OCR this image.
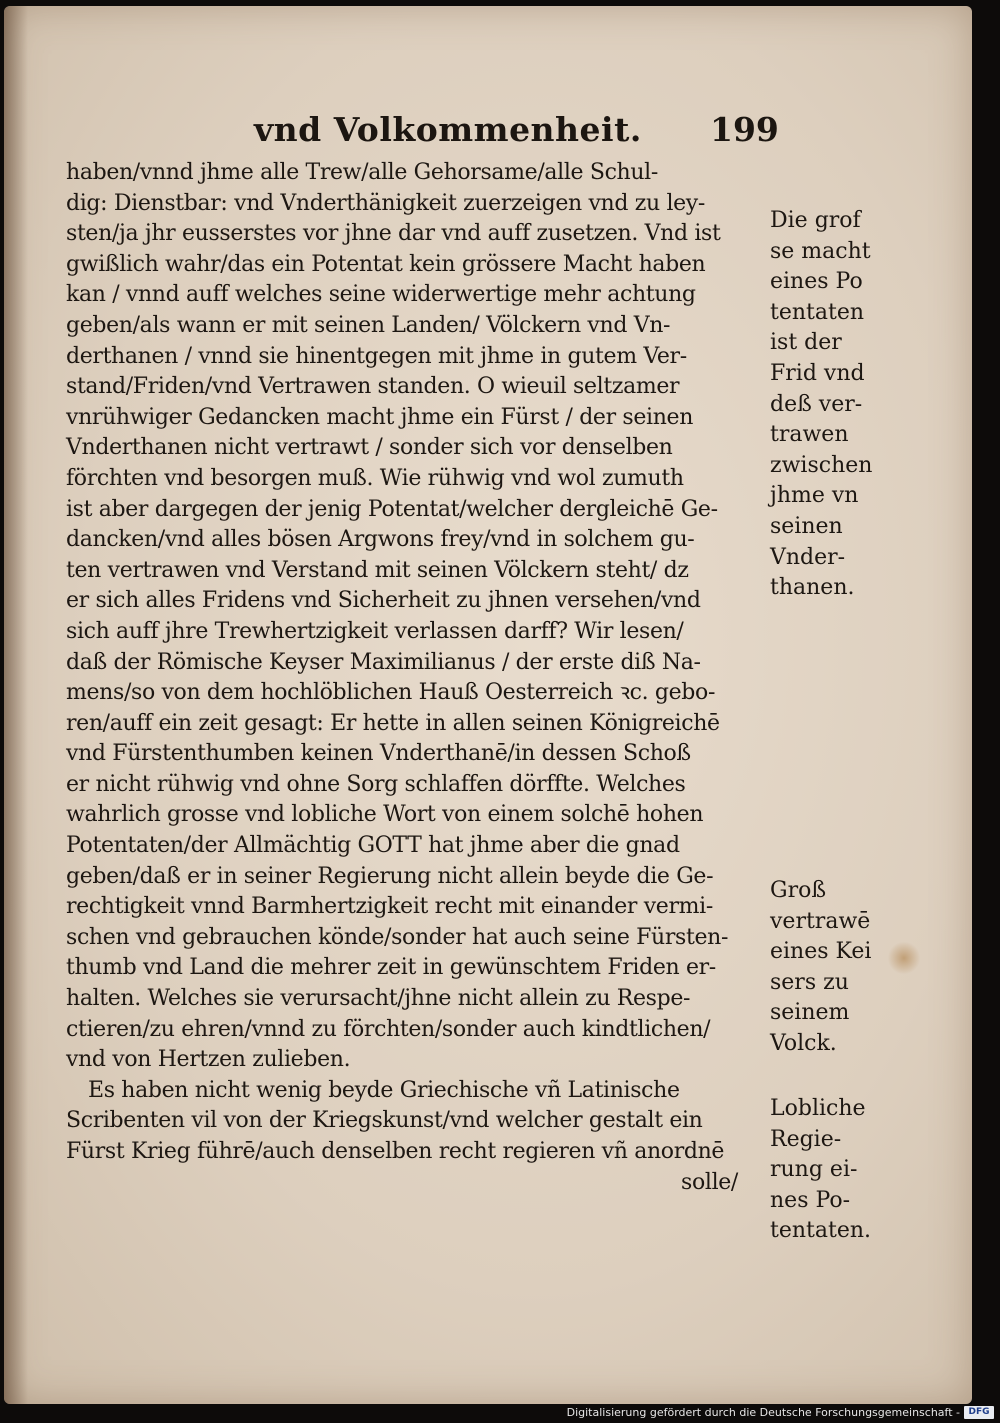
vnd Volkommenheit. 199
haben/vnnd jhme alle Trew/alle Gehorsame/alle Schul-
dig: Dienstbar: vnd Vnderthänigkeit zuerzeigen vnd zu ley-
sten/ja jhr eusserstes vor jhne dar vnd auff zusetzen. Vnd ist
gwißlich wahr/das ein Potentat kein grössere Macht haben
kan / vnnd auff welches seine widerwertige mehr achtung
geben/als wann er mit seinen Landen/ Völckern vnd Vn-
derthanen / vnnd sie hinentgegen mit jhme in gutem Ver-
stand/Friden/vnd Vertrawen standen. O wieuil seltzamer
vnrühwiger Gedancken macht jhme ein Fürst / der seinen
Vnderthanen nicht vertrawt / sonder sich vor denselben
förchten vnd besorgen muß. Wie rühwig vnd wol zumuth
ist aber dargegen der jenig Potentat/welcher dergleichē Ge-
dancken/vnd alles bösen Argwons frey/vnd in solchem gu-
ten vertrawen vnd Verstand mit seinen Völckern steht/ dz
er sich alles Fridens vnd Sicherheit zu jhnen versehen/vnd
sich auff jhre Trewhertzigkeit verlassen darff? Wir lesen/
daß der Römische Keyser Maximilianus / der erste diß Na-
mens/so von dem hochlöblichen Hauß Oesterreich ꝛc. gebo-
ren/auff ein zeit gesagt: Er hette in allen seinen Königreichē
vnd Fürstenthumben keinen Vnderthanē/in dessen Schoß
er nicht rühwig vnd ohne Sorg schlaffen dörffte. Welches
wahrlich grosse vnd lobliche Wort von einem solchē hohen
Potentaten/der Allmächtig GOTT hat jhme aber die gnad
geben/daß er in seiner Regierung nicht allein beyde die Ge-
rechtigkeit vnnd Barmhertzigkeit recht mit einander vermi-
schen vnd gebrauchen könde/sonder hat auch seine Fürsten-
thumb vnd Land die mehrer zeit in gewünschtem Friden er-
halten. Welches sie verursacht/jhne nicht allein zu Respe-
ctieren/zu ehren/vnnd zu förchten/sonder auch kindtlichen/
vnd von Hertzen zulieben.
Es haben nicht wenig beyde Griechische vñ Latinische
Scribenten vil von der Kriegskunst/vnd welcher gestalt ein
Fürst Krieg führē/auch denselben recht regieren vñ anordnē
solle/
Die grof
se macht
eines Po
tentaten
ist der
Frid vnd
deß ver-
trawen
zwischen
jhme vn
seinen
Vnder-
thanen.
Groß
vertrawē
eines Kei
sers zu
seinem
Volck.
Lobliche
Regie-
rung ei-
nes Po-
tentaten.
Digitalisierung gefördert durch die Deutsche Forschungsgemeinschaft - DFG
